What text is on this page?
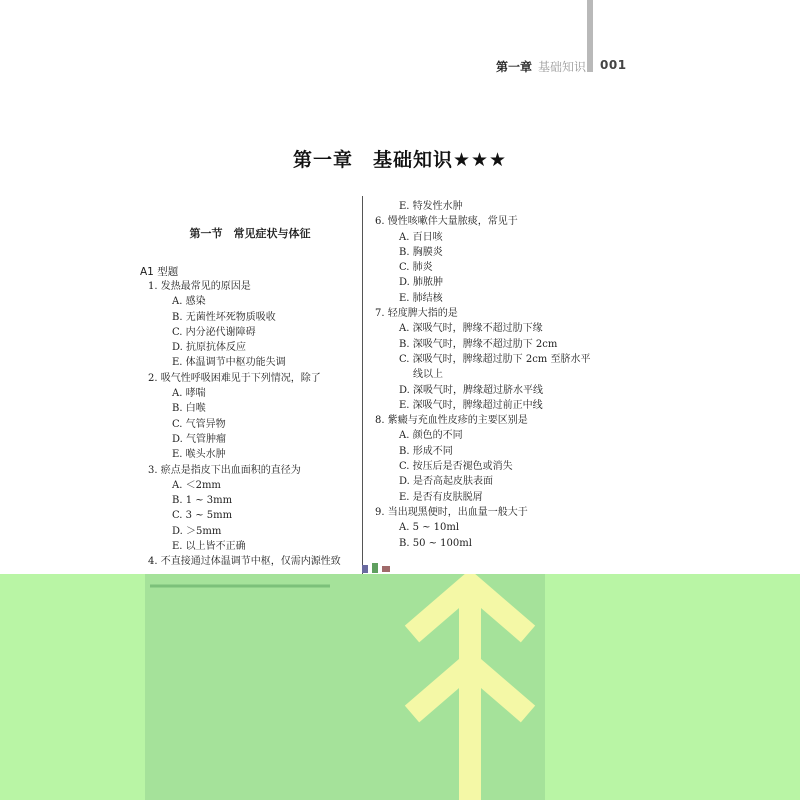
第一章 基础知识 001
第一章　基础知识★★★
第一节　常见症状与体征
A1 型题
1. 发热最常见的原因是
A. 感染
B. 无菌性坏死物质吸收
C. 内分泌代谢障碍
D. 抗原抗体反应
E. 体温调节中枢功能失调
2. 吸气性呼吸困难见于下列情况，除了
A. 哮喘
B. 白喉
C. 气管异物
D. 气管肿瘤
E. 喉头水肿
3. 瘀点是指皮下出血面积的直径为
A. ＜2mm
B. 1 ~ 3mm
C. 3 ~ 5mm
D. ＞5mm
E. 以上皆不正确
4. 不直接通过体温调节中枢，仅需内源性致
E. 特发性水肿
6. 慢性咳嗽伴大量脓痰，常见于
A. 百日咳
B. 胸膜炎
C. 肺炎
D. 肺脓肿
E. 肺结核
7. 轻度脾大指的是
A. 深吸气时，脾缘不超过肋下缘
B. 深吸气时，脾缘不超过肋下 2cm
C. 深吸气时，脾缘超过肋下 2cm 至脐水平
线以上
D. 深吸气时，脾缘超过脐水平线
E. 深吸气时，脾缘超过前正中线
8. 紫癜与充血性皮疹的主要区别是
A. 颜色的不同
B. 形成不同
C. 按压后是否褪色或消失
D. 是否高起皮肤表面
E. 是否有皮肤脱屑
9. 当出现黑便时，出血量一般大于
A. 5 ~ 10ml
B. 50 ~ 100ml
